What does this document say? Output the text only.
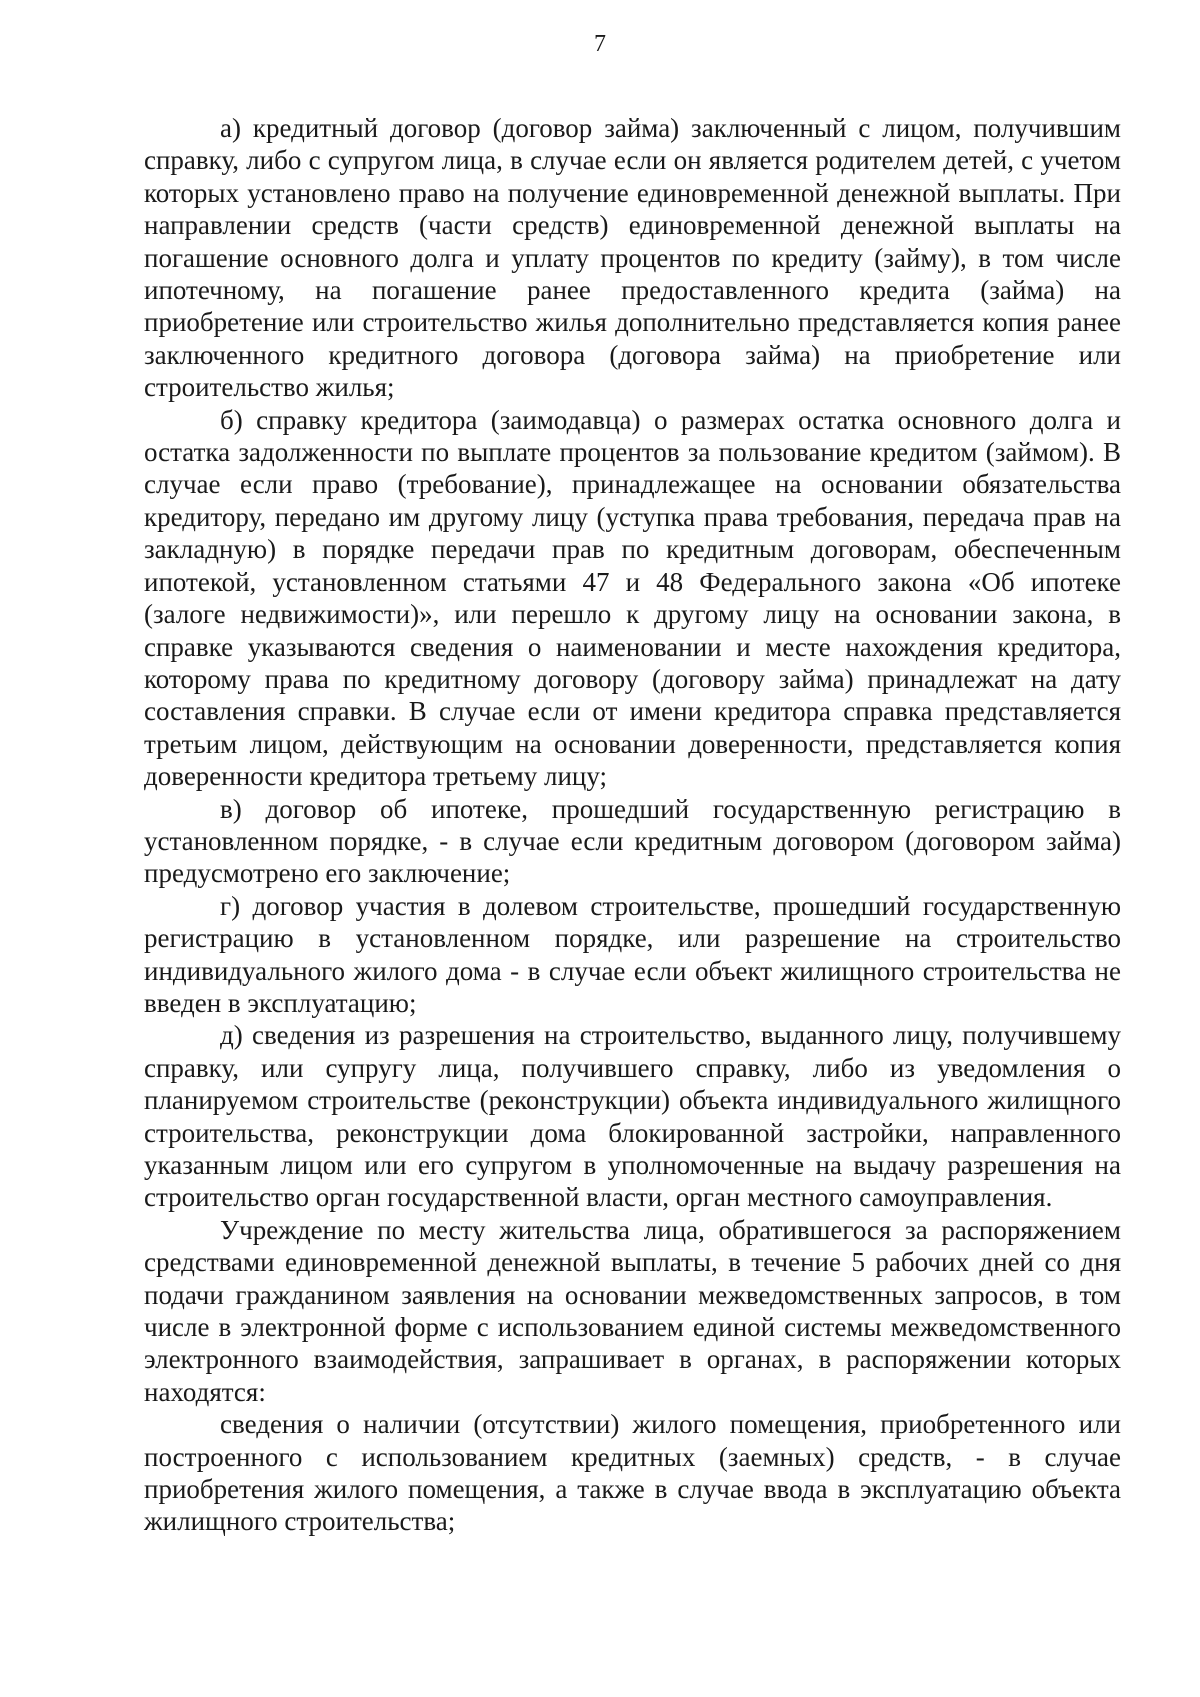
7

а) кредитный договор (договор займа) заключенный с лицом, получившим справку, либо с супругом лица, в случае если он является родителем детей, с учетом которых установлено право на получение единовременной денежной выплаты. При направлении средств (части средств) единовременной денежной выплаты на погашение основного долга и уплату процентов по кредиту (займу), в том числе ипотечному, на погашение ранее предоставленного кредита (займа) на приобретение или строительство жилья дополнительно представляется копия ранее заключенного кредитного договора (договора займа) на приобретение или строительство жилья;

б) справку кредитора (заимодавца) о размерах остатка основного долга и остатка задолженности по выплате процентов за пользование кредитом (займом). В случае если право (требование), принадлежащее на основании обязательства кредитору, передано им другому лицу (уступка права требования, передача прав на закладную) в порядке передачи прав по кредитным договорам, обеспеченным ипотекой, установленном статьями 47 и 48 Федерального закона «Об ипотеке (залоге недвижимости)», или перешло к другому лицу на основании закона, в справке указываются сведения о наименовании и месте нахождения кредитора, которому права по кредитному договору (договору займа) принадлежат на дату составления справки. В случае если от имени кредитора справка представляется третьим лицом, действующим на основании доверенности, представляется копия доверенности кредитора третьему лицу;

в) договор об ипотеке, прошедший государственную регистрацию в установленном порядке, - в случае если кредитным договором (договором займа) предусмотрено его заключение;

г) договор участия в долевом строительстве, прошедший государственную регистрацию в установленном порядке, или разрешение на строительство индивидуального жилого дома - в случае если объект жилищного строительства не введен в эксплуатацию;

д) сведения из разрешения на строительство, выданного лицу, получившему справку, или супругу лица, получившего справку, либо из уведомления о планируемом строительстве (реконструкции) объекта индивидуального жилищного строительства, реконструкции дома блокированной застройки, направленного указанным лицом или его супругом в уполномоченные на выдачу разрешения на строительство орган государственной власти, орган местного самоуправления.

Учреждение по месту жительства лица, обратившегося за распоряжением средствами единовременной денежной выплаты, в течение 5 рабочих дней со дня подачи гражданином заявления на основании межведомственных запросов, в том числе в электронной форме с использованием единой системы межведомственного электронного взаимодействия, запрашивает в органах, в распоряжении которых находятся:

сведения о наличии (отсутствии) жилого помещения, приобретенного или построенного с использованием кредитных (заемных) средств, - в случае приобретения жилого помещения, а также в случае ввода в эксплуатацию объекта жилищного строительства;
